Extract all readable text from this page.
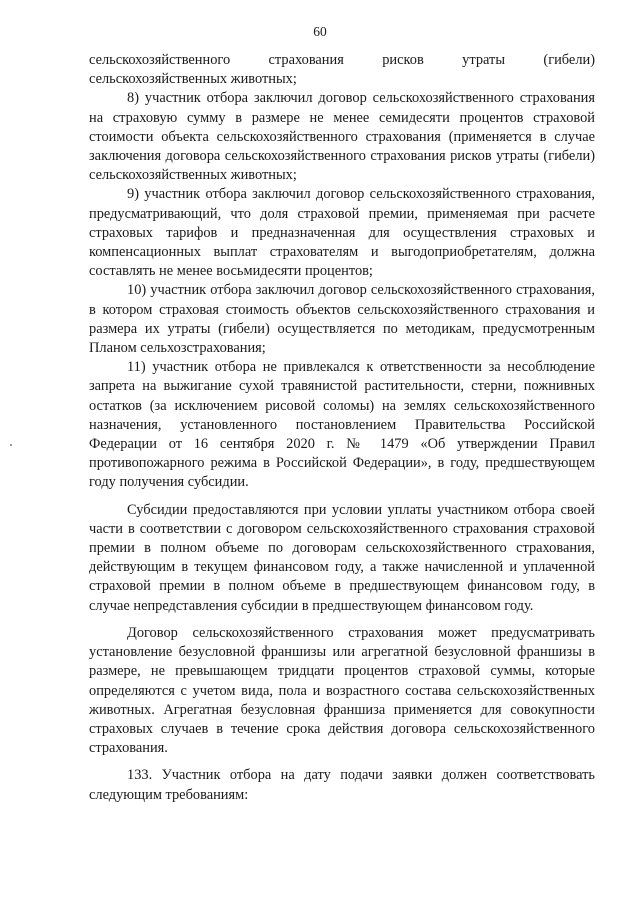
60

сельскохозяйственного страхования рисков утраты (гибели) сельскохозяйственных животных;

8) участник отбора заключил договор сельскохозяйственного страхования на страховую сумму в размере не менее семидесяти процентов страховой стоимости объекта сельскохозяйственного страхования (применяется в случае заключения договора сельскохозяйственного страхования рисков утраты (гибели) сельскохозяйственных животных;

9) участник отбора заключил договор сельскохозяйственного страхования, предусматривающий, что доля страховой премии, применяемая при расчете страховых тарифов и предназначенная для осуществления страховых и компенсационных выплат страхователям и выгодоприобретателям, должна составлять не менее восьмидесяти процентов;

10) участник отбора заключил договор сельскохозяйственного страхования, в котором страховая стоимость объектов сельскохозяйственного страхования и размера их утраты (гибели) осуществляется по методикам, предусмотренным Планом сельхозстрахования;

11) участник отбора не привлекался к ответственности за несоблюдение запрета на выжигание сухой травянистой растительности, стерни, пожнивных остатков (за исключением рисовой соломы) на землях сельскохозяйственного назначения, установленного постановлением Правительства Российской Федерации от 16 сентября 2020 г. № 1479 «Об утверждении Правил противопожарного режима в Российской Федерации», в году, предшествующем году получения субсидии.

Субсидии предоставляются при условии уплаты участником отбора своей части в соответствии с договором сельскохозяйственного страхования страховой премии в полном объеме по договорам сельскохозяйственного страхования, действующим в текущем финансовом году, а также начисленной и уплаченной страховой премии в полном объеме в предшествующем финансовом году, в случае непредставления субсидии в предшествующем финансовом году.

Договор сельскохозяйственного страхования может предусматривать установление безусловной франшизы или агрегатной безусловной франшизы в размере, не превышающем тридцати процентов страховой суммы, которые определяются с учетом вида, пола и возрастного состава сельскохозяйственных животных. Агрегатная безусловная франшиза применяется для совокупности страховых случаев в течение срока действия договора сельскохозяйственного страхования.

133. Участник отбора на дату подачи заявки должен соответствовать следующим требованиям:
